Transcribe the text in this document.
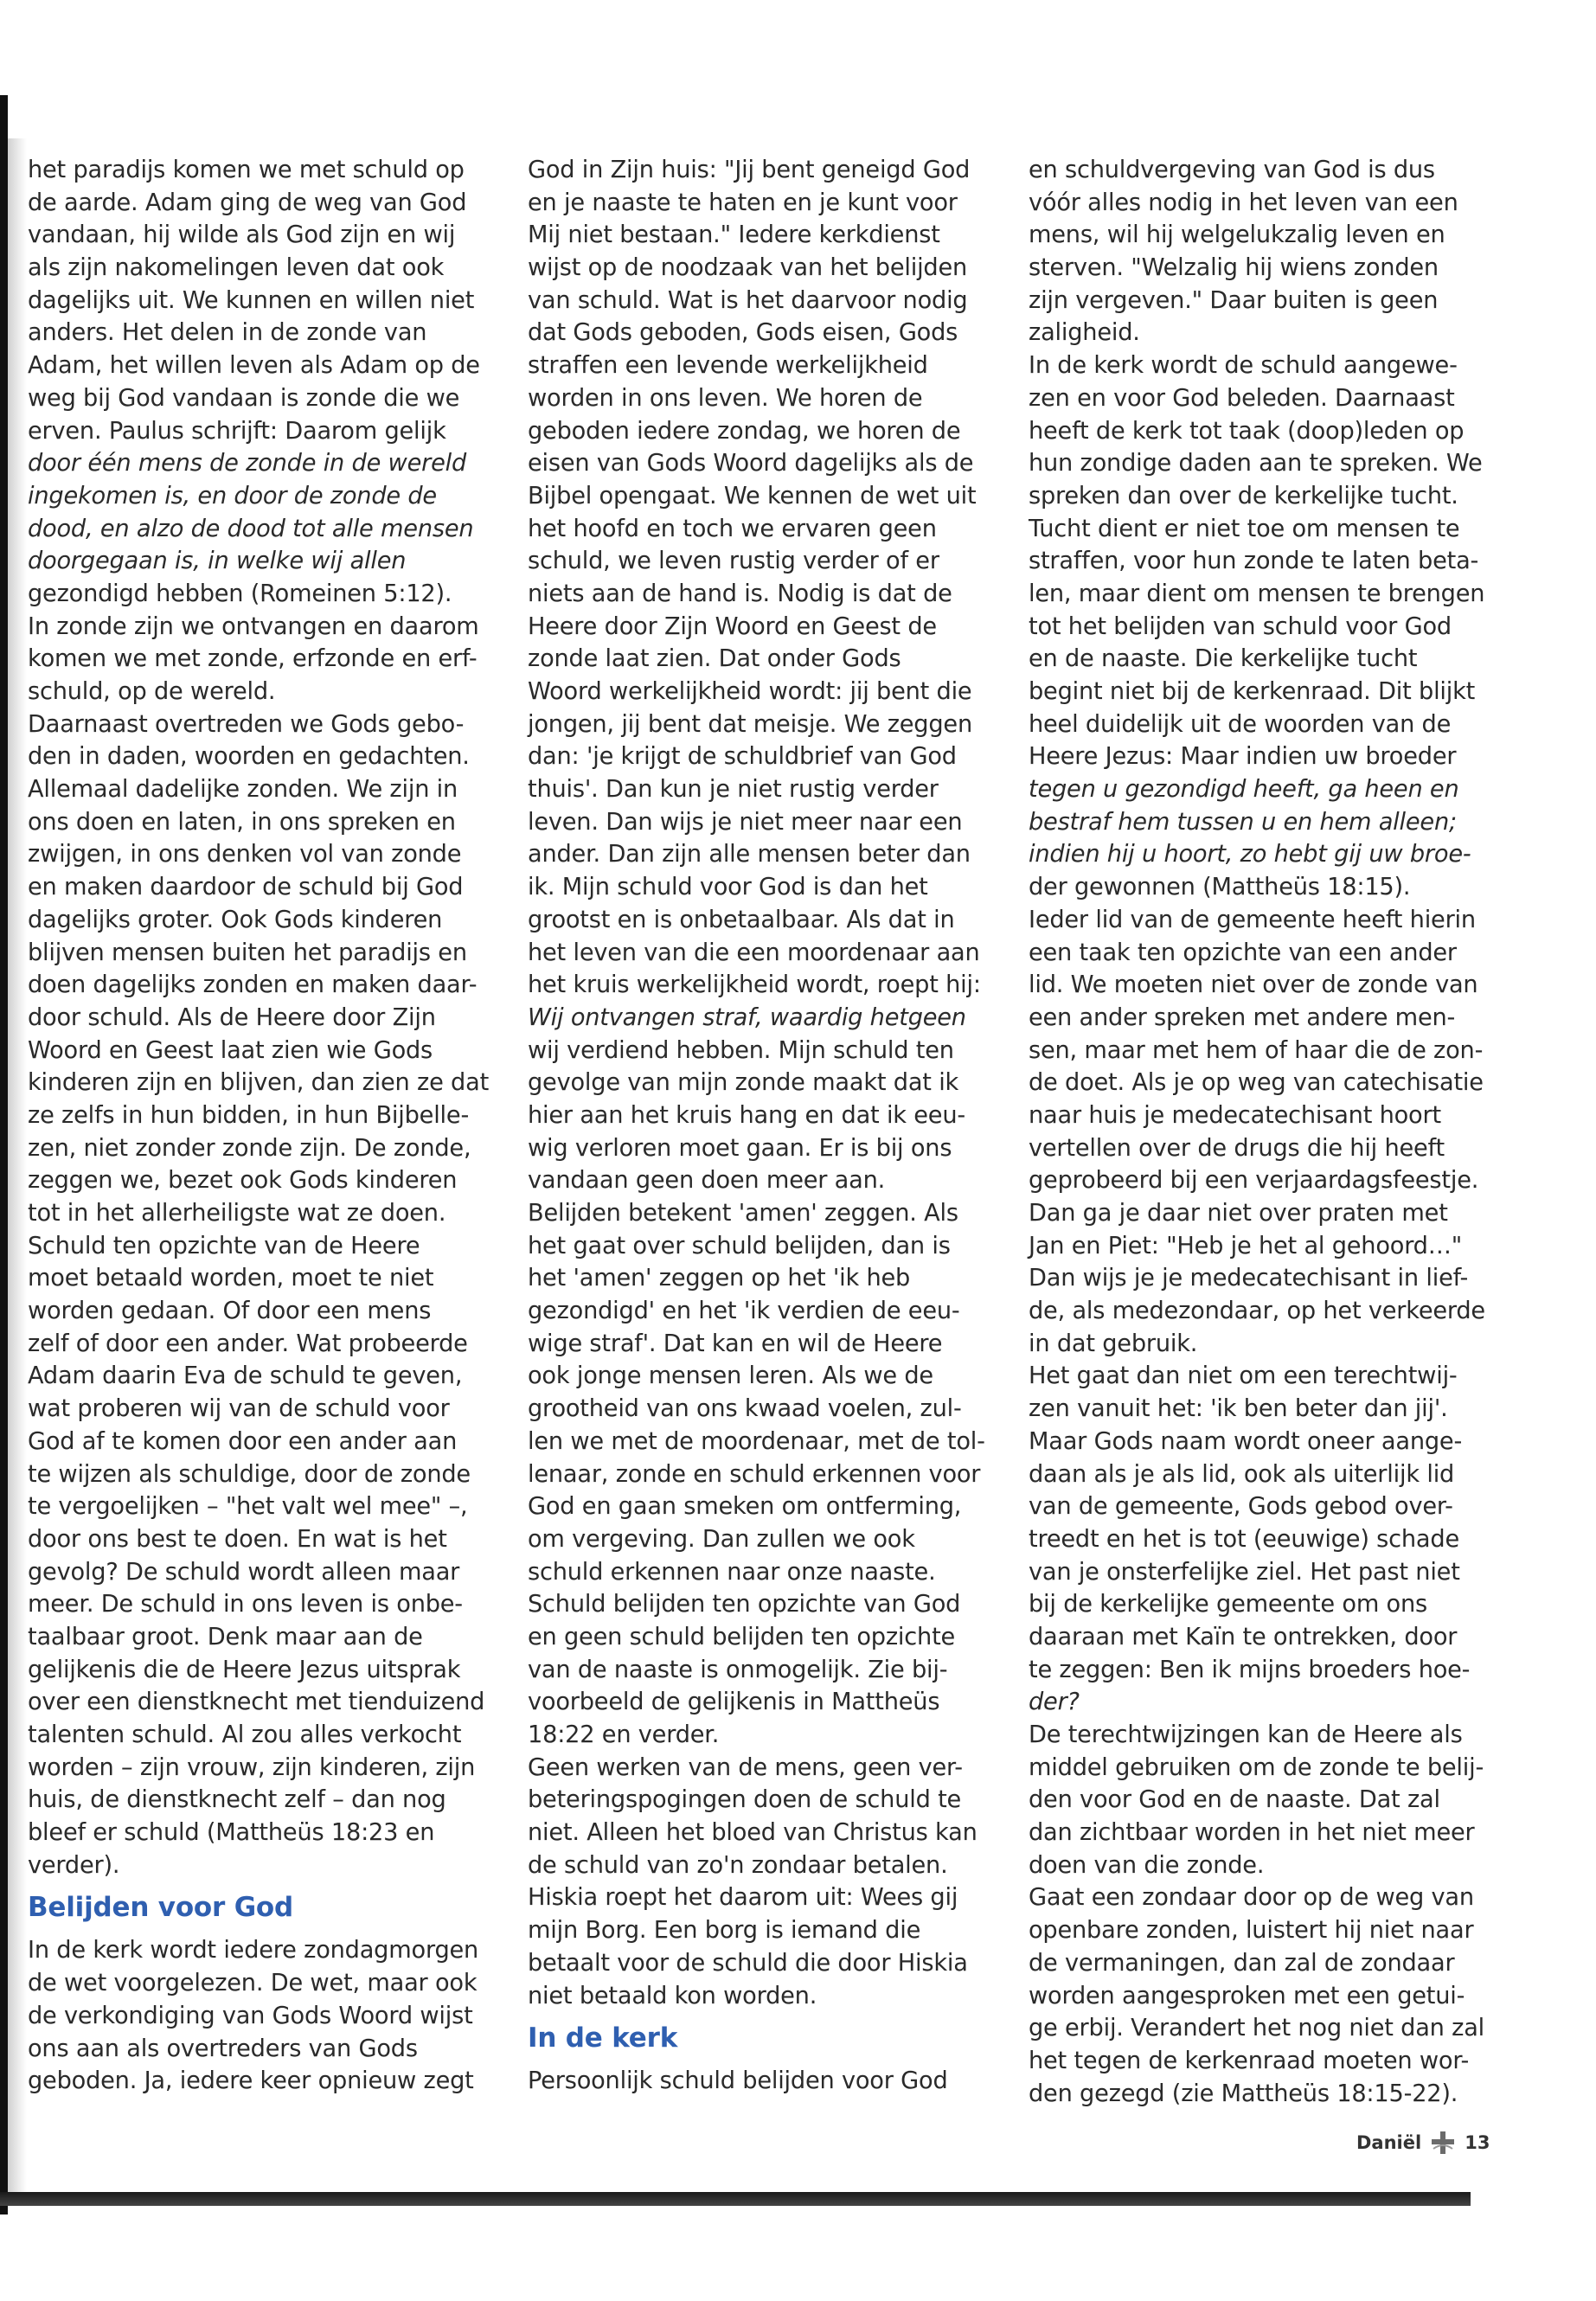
het paradijs komen we met schuld op
de aarde. Adam ging de weg van God
vandaan, hij wilde als God zijn en wij
als zijn nakomelingen leven dat ook
dagelijks uit. We kunnen en willen niet
anders. Het delen in de zonde van
Adam, het willen leven als Adam op de
weg bij God vandaan is zonde die we
erven. Paulus schrijft: Daarom gelijk
door één mens de zonde in de wereld
ingekomen is, en door de zonde de
dood, en alzo de dood tot alle mensen
doorgegaan is, in welke wij allen
gezondigd hebben (Romeinen 5:12).
In zonde zijn we ontvangen en daarom
komen we met zonde, erfzonde en erf-
schuld, op de wereld.
Daarnaast overtreden we Gods gebo-
den in daden, woorden en gedachten.
Allemaal dadelijke zonden. We zijn in
ons doen en laten, in ons spreken en
zwijgen, in ons denken vol van zonde
en maken daardoor de schuld bij God
dagelijks groter. Ook Gods kinderen
blijven mensen buiten het paradijs en
doen dagelijks zonden en maken daar-
door schuld. Als de Heere door Zijn
Woord en Geest laat zien wie Gods
kinderen zijn en blijven, dan zien ze dat
ze zelfs in hun bidden, in hun Bijbelle-
zen, niet zonder zonde zijn. De zonde,
zeggen we, bezet ook Gods kinderen
tot in het allerheiligste wat ze doen.
Schuld ten opzichte van de Heere
moet betaald worden, moet te niet
worden gedaan. Of door een mens
zelf of door een ander. Wat probeerde
Adam daarin Eva de schuld te geven,
wat proberen wij van de schuld voor
God af te komen door een ander aan
te wijzen als schuldige, door de zonde
te vergoelijken – "het valt wel mee" –,
door ons best te doen. En wat is het
gevolg? De schuld wordt alleen maar
meer. De schuld in ons leven is onbe-
taalbaar groot. Denk maar aan de
gelijkenis die de Heere Jezus uitsprak
over een dienstknecht met tienduizend
talenten schuld. Al zou alles verkocht
worden – zijn vrouw, zijn kinderen, zijn
huis, de dienstknecht zelf – dan nog
bleef er schuld (Mattheüs 18:23 en
verder).
Belijden voor God
In de kerk wordt iedere zondagmorgen
de wet voorgelezen. De wet, maar ook
de verkondiging van Gods Woord wijst
ons aan als overtreders van Gods
geboden. Ja, iedere keer opnieuw zegt
God in Zijn huis: "Jij bent geneigd God
en je naaste te haten en je kunt voor
Mij niet bestaan." Iedere kerkdienst
wijst op de noodzaak van het belijden
van schuld. Wat is het daarvoor nodig
dat Gods geboden, Gods eisen, Gods
straffen een levende werkelijkheid
worden in ons leven. We horen de
geboden iedere zondag, we horen de
eisen van Gods Woord dagelijks als de
Bijbel opengaat. We kennen de wet uit
het hoofd en toch we ervaren geen
schuld, we leven rustig verder of er
niets aan de hand is. Nodig is dat de
Heere door Zijn Woord en Geest de
zonde laat zien. Dat onder Gods
Woord werkelijkheid wordt: jij bent die
jongen, jij bent dat meisje. We zeggen
dan: 'je krijgt de schuldbrief van God
thuis'. Dan kun je niet rustig verder
leven. Dan wijs je niet meer naar een
ander. Dan zijn alle mensen beter dan
ik. Mijn schuld voor God is dan het
grootst en is onbetaalbaar. Als dat in
het leven van die een moordenaar aan
het kruis werkelijkheid wordt, roept hij:
Wij ontvangen straf, waardig hetgeen
wij verdiend hebben. Mijn schuld ten
gevolge van mijn zonde maakt dat ik
hier aan het kruis hang en dat ik eeu-
wig verloren moet gaan. Er is bij ons
vandaan geen doen meer aan.
Belijden betekent 'amen' zeggen. Als
het gaat over schuld belijden, dan is
het 'amen' zeggen op het 'ik heb
gezondigd' en het 'ik verdien de eeu-
wige straf'. Dat kan en wil de Heere
ook jonge mensen leren. Als we de
grootheid van ons kwaad voelen, zul-
len we met de moordenaar, met de tol-
lenaar, zonde en schuld erkennen voor
God en gaan smeken om ontferming,
om vergeving. Dan zullen we ook
schuld erkennen naar onze naaste.
Schuld belijden ten opzichte van God
en geen schuld belijden ten opzichte
van de naaste is onmogelijk. Zie bij-
voorbeeld de gelijkenis in Mattheüs
18:22 en verder.
Geen werken van de mens, geen ver-
beteringspogingen doen de schuld te
niet. Alleen het bloed van Christus kan
de schuld van zo'n zondaar betalen.
Hiskia roept het daarom uit: Wees gij
mijn Borg. Een borg is iemand die
betaalt voor de schuld die door Hiskia
niet betaald kon worden.
In de kerk
Persoonlijk schuld belijden voor God
en schuldvergeving van God is dus
vóór alles nodig in het leven van een
mens, wil hij welgelukzalig leven en
sterven. "Welzalig hij wiens zonden
zijn vergeven." Daar buiten is geen
zaligheid.
In de kerk wordt de schuld aangewe-
zen en voor God beleden. Daarnaast
heeft de kerk tot taak (doop)leden op
hun zondige daden aan te spreken. We
spreken dan over de kerkelijke tucht.
Tucht dient er niet toe om mensen te
straffen, voor hun zonde te laten beta-
len, maar dient om mensen te brengen
tot het belijden van schuld voor God
en de naaste. Die kerkelijke tucht
begint niet bij de kerkenraad. Dit blijkt
heel duidelijk uit de woorden van de
Heere Jezus: Maar indien uw broeder
tegen u gezondigd heeft, ga heen en
bestraf hem tussen u en hem alleen;
indien hij u hoort, zo hebt gij uw broe-
der gewonnen (Mattheüs 18:15).
Ieder lid van de gemeente heeft hierin
een taak ten opzichte van een ander
lid. We moeten niet over de zonde van
een ander spreken met andere men-
sen, maar met hem of haar die de zon-
de doet. Als je op weg van catechisatie
naar huis je medecatechisant hoort
vertellen over de drugs die hij heeft
geprobeerd bij een verjaardagsfeestje.
Dan ga je daar niet over praten met
Jan en Piet: "Heb je het al gehoord…"
Dan wijs je je medecatechisant in lief-
de, als medezondaar, op het verkeerde
in dat gebruik.
Het gaat dan niet om een terechtwij-
zen vanuit het: 'ik ben beter dan jij'.
Maar Gods naam wordt oneer aange-
daan als je als lid, ook als uiterlijk lid
van de gemeente, Gods gebod over-
treedt en het is tot (eeuwige) schade
van je onsterfelijke ziel. Het past niet
bij de kerkelijke gemeente om ons
daaraan met Kaïn te ontrekken, door
te zeggen: Ben ik mijns broeders hoe-
der?
De terechtwijzingen kan de Heere als
middel gebruiken om de zonde te belij-
den voor God en de naaste. Dat zal
dan zichtbaar worden in het niet meer
doen van die zonde.
Gaat een zondaar door op de weg van
openbare zonden, luistert hij niet naar
de vermaningen, dan zal de zondaar
worden aangesproken met een getui-
ge erbij. Verandert het nog niet dan zal
het tegen de kerkenraad moeten wor-
den gezegd (zie Mattheüs 18:15-22).
Daniël 13
